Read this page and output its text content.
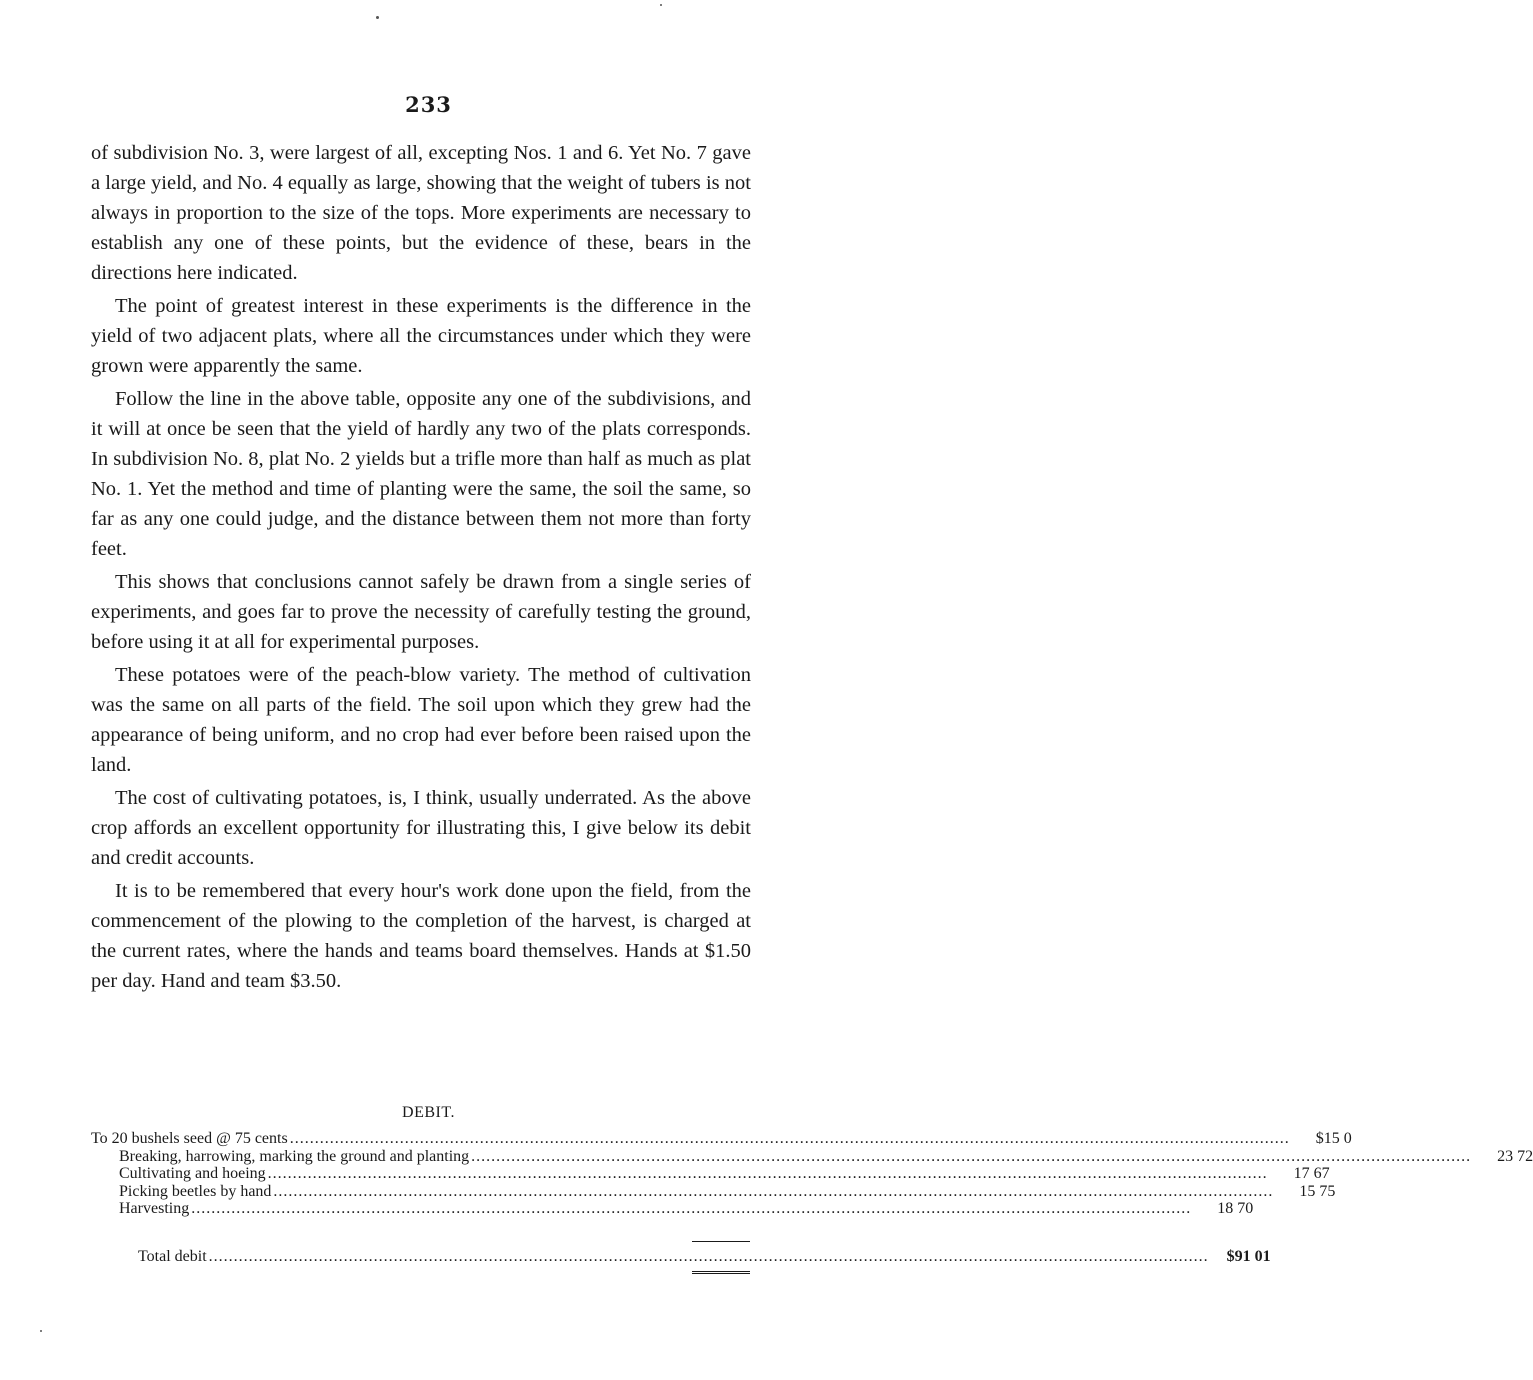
233

of subdivision No. 3, were largest of all, excepting Nos. 1 and 6. Yet No. 7 gave a large yield, and No. 4 equally as large, showing that the weight of tubers is not always in proportion to the size of the tops. More experiments are necessary to establish any one of these points, but the evidence of these, bears in the directions here indicated.

The point of greatest interest in these experiments is the difference in the yield of two adjacent plats, where all the circumstances under which they were grown were apparently the same.

Follow the line in the above table, opposite any one of the subdivisions, and it will at once be seen that the yield of hardly any two of the plats corresponds. In subdivision No. 8, plat No. 2 yields but a trifle more than half as much as plat No. 1. Yet the method and time of planting were the same, the soil the same, so far as any one could judge, and the distance between them not more than forty feet.

This shows that conclusions cannot safely be drawn from a single series of experiments, and goes far to prove the necessity of carefully testing the ground, before using it at all for experimental purposes.

These potatoes were of the peach-blow variety. The method of cultivation was the same on all parts of the field. The soil upon which they grew had the appearance of being uniform, and no crop had ever before been raised upon the land.

The cost of cultivating potatoes, is, I think, usually underrated. As the above crop affords an excellent opportunity for illustrating this, I give below its debit and credit accounts.

It is to be remembered that every hour's work done upon the field, from the commencement of the plowing to the completion of the harvest, is charged at the current rates, where the hands and teams board themselves. Hands at $1.50 per day. Hand and team $3.50.

DEBIT.
To 20 bushels seed @ 75 cents ........................................................................................................................................................................................................	$15 0
Breaking, harrowing, marking the ground and planting ........................................................................................................................................................................................................	23 72
Cultivating and hoeing ........................................................................................................................................................................................................	17 67
Picking beetles by hand ........................................................................................................................................................................................................	15 75
Harvesting ........................................................................................................................................................................................................	18 70
Total debit ........................................................................................................................................................................................................	$91 01
